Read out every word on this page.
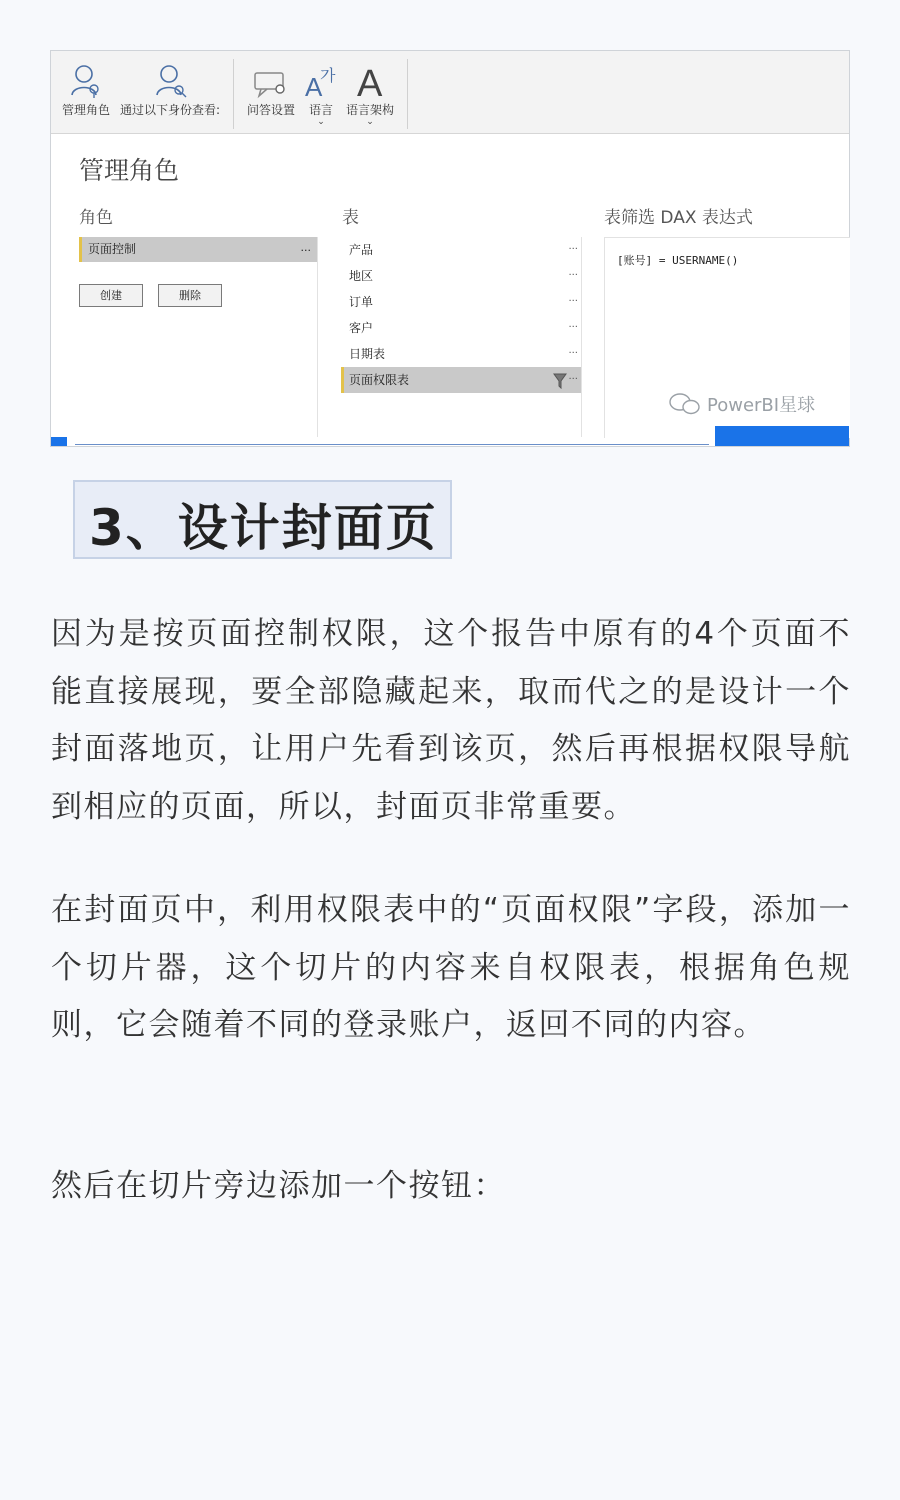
管理角色 通过以下身份查看:	问答设置
A
가
语言
⌄
A
语言架构
⌄
管理角色
角色	表	表筛选 DAX 表达式
页面控制	...
创建	删除
产品	...
地区	...
订单	...
客户	...
日期表	...
页面权限表	...
[账号] = USERNAME()
PowerBI星球
3、设计封面页
因为是按页面控制权限，这个报告中原有的4个页面不能直接展现，要全部隐藏起来，取而代之的是设计一个封面落地页，让用户先看到该页，然后再根据权限导航到相应的页面，所以，封面页非常重要。
在封面页中，利用权限表中的“页面权限”字段，添加一个切片器，这个切片的内容来自权限表，根据角色规则，它会随着不同的登录账户，返回不同的内容。
然后在切片旁边添加一个按钮：
